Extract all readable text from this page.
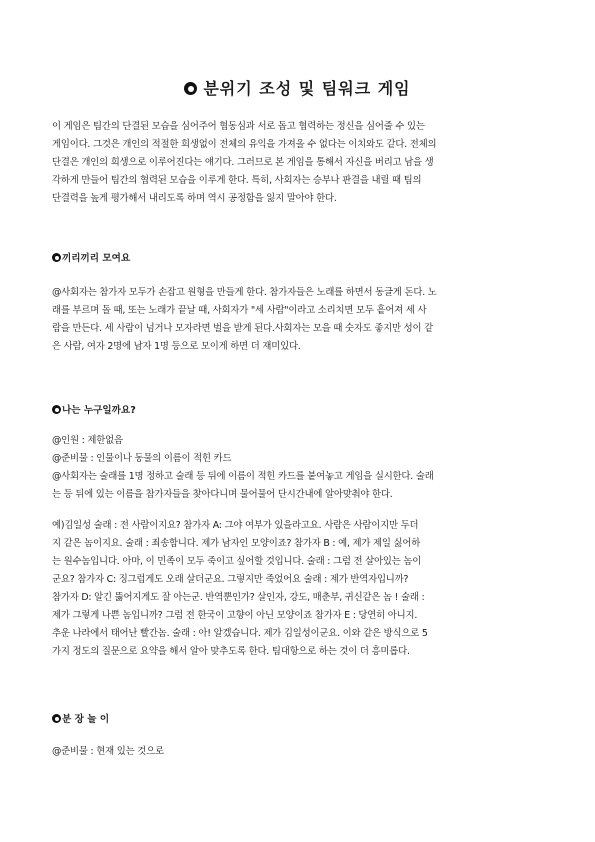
분위기 조성 및 팀워크 게임
이 게임은 팀간의 단결된 모습을 심어주어 협동심과 서로 돕고 협력하는 정신을 심어줄 수 있는
게임이다. 그것은 개인의 적절한 희생없이 전체의 유익을 가져올 수 없다는 이치와도 같다. 전체의
단결은 개인의 희생으로 이루어진다는 얘기다. 그러므로 본 게임을 통해서 자신을 버리고 남을 생
각하게 만들어 팀간의 협력된 모습을 이루게 한다. 특히, 사회자는 승부나 판결을 내릴 때 팀의
단결력을 높게 평가해서 내리도록 하며 역시 공정함을 잃지 말아야 한다.
끼리끼리 모여요
@사회자는 참가자 모두가 손잡고 원형을 만들게 한다. 참가자들은 노래를 하면서 동글게 돈다. 노
래를 부르며 돌 때, 또는 노래가 끝날 때, 사회자가 "세 사람"이라고 소리치면 모두 흩어져 세 사
람을 만든다. 세 사람이 넘거나 모자라면 벌을 받게 된다.사회자는 모을 때 숫자도 좋지만 성이 같
은 사람, 여자 2명에 남자 1명 등으로 모이게 하면 더 재미있다.
나는 누구일까요?
@인원 : 제한없음
@준비물 : 인물이나 동물의 이름이 적힌 카드
@사회자는 술래를 1명 정하고 술래 등 뒤에 이름이 적힌 카드를 붙여놓고 게임을 실시한다. 술래
는 등 뒤에 있는 이름을 참가자들을 찾아다니며 물어물어 단시간내에 알아맞춰야 한다.
예)김일성 술래 : 전 사람이지요? 참가자 A: 그야 여부가 있을라고요. 사람은 사람이지만 두더
지 같은 놈이지요. 술래 : 죄송합니다. 제가 남자인 모양이죠? 참가자 B : 예, 제가 제일 싫어하
는 원수놈입니다. 아마, 이 민족이 모두 죽이고 싶어할 것입니다. 술래 : 그럼 전 살아있는 놈이
군요? 참가자 C: 징그럽게도 오래 살더군요. 그렇지만 죽었어요 술래 : 제가 반역자입니까?
참가자 D: 알긴 뚫어지게도 잘 아는군. 반역뿐인가? 살인자, 강도, 매춘부, 귀신같은 놈 ! 술래 :
제가 그렇게 나쁜 놈입니까? 그럼 전 한국이 고향이 아닌 모양이죠 참가자 E : 당연히 아니지.
추운 나라에서 태어난 빨간놈. 술래 : 아! 알겠습니다. 제가 김일성이군요. 이와 같은 방식으로 5
가지 정도의 질문으로 요약을 해서 알아 맞추도록 한다. 팀대항으로 하는 것이 더 흥미롭다.
분 장 놀 이
@준비물 : 현재 있는 것으로
